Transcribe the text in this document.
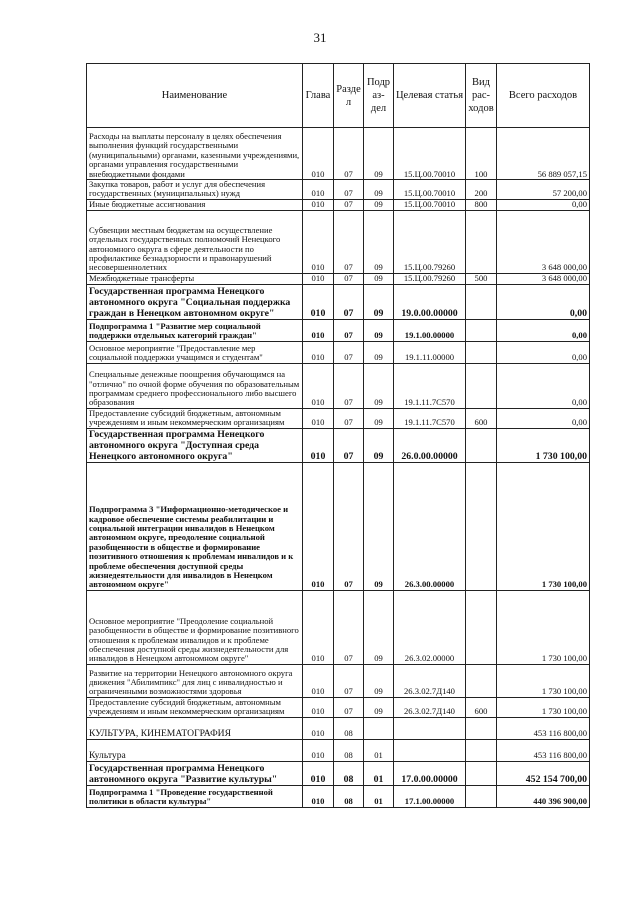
31
Наименование	Глава	Разде л	Подр аз- дел	Целевая статья	Вид рас- ходов	Всего расходов
Расходы на выплаты персоналу в целях обеспечения выполнения функций государственными (муниципальными) органами, казенными учреждениями, органами управления государственными внебюджетными фондами	010	07	09	15.Ц.00.70010	100	56 889 057,15
Закупка товаров, работ и услуг для обеспечения государственных (муниципальных) нужд	010	07	09	15.Ц.00.70010	200	57 200,00
Иные бюджетные ассигнования	010	07	09	15.Ц.00.70010	800	0,00
Субвенции местным бюджетам на осуществление отдельных государственных полномочий Ненецкого автономного округа в сфере деятельности по профилактике безнадзорности и правонарушений несовершеннолетних	010	07	09	15.Ц.00.79260		3 648 000,00
Межбюджетные трансферты	010	07	09	15.Ц.00.79260	500	3 648 000,00
Государственная программа Ненецкого автономного округа "Социальная поддержка граждан в Ненецком автономном округе"	010	07	09	19.0.00.00000		0,00
Подпрограмма 1 "Развитие мер социальной поддержки отдельных категорий граждан"	010	07	09	19.1.00.00000		0,00
Основное мероприятие "Предоставление мер социальной поддержки учащимся и студентам"	010	07	09	19.1.11.00000		0,00
Специальные денежные поощрения обучающимся на "отлично" по очной форме обучения по образовательным программам среднего профессионального либо высшего образования	010	07	09	19.1.11.7С570		0,00
Предоставление субсидий бюджетным, автономным учреждениям и иным некоммерческим организациям	010	07	09	19.1.11.7С570	600	0,00
Государственная программа Ненецкого автономного округа "Доступная среда Ненецкого автономного округа"	010	07	09	26.0.00.00000		1 730 100,00
Подпрограмма 3 "Информационно-методическое и кадровое обеспечение системы реабилитации и социальной интеграции инвалидов в Ненецком автономном округе, преодоление социальной разобщенности в обществе и формирование позитивного отношения к проблемам инвалидов и к проблеме обеспечения доступной среды жизнедеятельности для инвалидов в Ненецком автономном округе"	010	07	09	26.3.00.00000		1 730 100,00
Основное мероприятие "Преодоление социальной разобщенности в обществе и формирование позитивного отношения к проблемам инвалидов и к проблеме обеспечения доступной среды жизнедеятельности для инвалидов в Ненецком автономном округе"	010	07	09	26.3.02.00000		1 730 100,00
Развитие на территории Ненецкого автономного округа движения "Абилимпикс" для лиц с инвалидностью и ограниченными возможностями здоровья	010	07	09	26.3.02.7Д140		1 730 100,00
Предоставление субсидий бюджетным, автономным учреждениям и иным некоммерческим организациям	010	07	09	26.3.02.7Д140	600	1 730 100,00
КУЛЬТУРА, КИНЕМАТОГРАФИЯ	010	08				453 116 800,00
Культура	010	08	01			453 116 800,00
Государственная программа Ненецкого автономного округа "Развитие культуры"	010	08	01	17.0.00.00000		452 154 700,00
Подпрограмма 1 "Проведение государственной политики в области культуры"	010	08	01	17.1.00.00000		440 396 900,00
